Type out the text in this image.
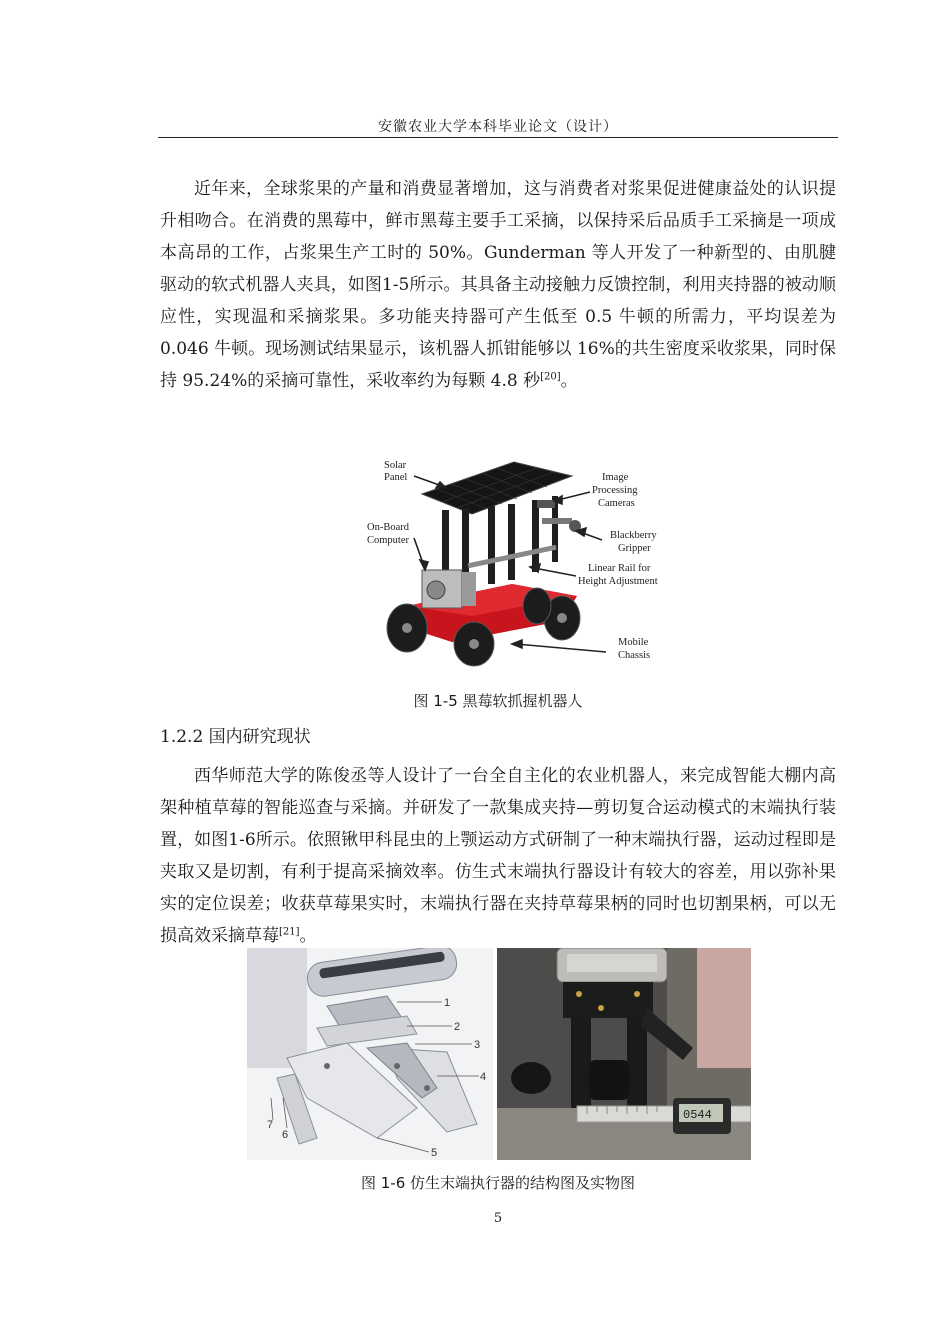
安徽农业大学本科毕业论文（设计）

近年来，全球浆果的产量和消费显著增加，这与消费者对浆果促进健康益处的认识提升相吻合。在消费的黑莓中，鲜市黑莓主要手工采摘，以保持采后品质手工采摘是一项成本高昂的工作，占浆果生产工时的 50%。Gunderman 等人开发了一种新型的、由肌腱驱动的软式机器人夹具，如图1-5所示。其具备主动接触力反馈控制，利用夹持器的被动顺应性，实现温和采摘浆果。多功能夹持器可产生低至 0.5 牛顿的所需力，平均误差为 0.046 牛顿。现场测试结果显示，该机器人抓钳能够以 16%的共生密度采收浆果，同时保持 95.24%的采摘可靠性，采收率约为每颗 4.8 秒[20]。

Solar
Panel	Image
Processing
Cameras
On-Board
Computer	Blackberry
Gripper
Linear Rail for
Height Adjustment
Mobile
Chassis
图 1-5 黑莓软抓握机器人
1.2.2 国内研究现状

西华师范大学的陈俊丞等人设计了一台全自主化的农业机器人，来完成智能大棚内高架种植草莓的智能巡查与采摘。并研发了一款集成夹持—剪切复合运动模式的末端执行装置，如图1-6所示。依照锹甲科昆虫的上颚运动方式研制了一种末端执行器，运动过程即是夹取又是切割，有利于提高采摘效率。仿生式末端执行器设计有较大的容差，用以弥补果实的定位误差；收获草莓果实时，末端执行器在夹持草莓果柄的同时也切割果柄，可以无损高效采摘草莓[21]。

1
2
3
4
5
6
7
0544
图 1-6 仿生末端执行器的结构图及实物图
5
